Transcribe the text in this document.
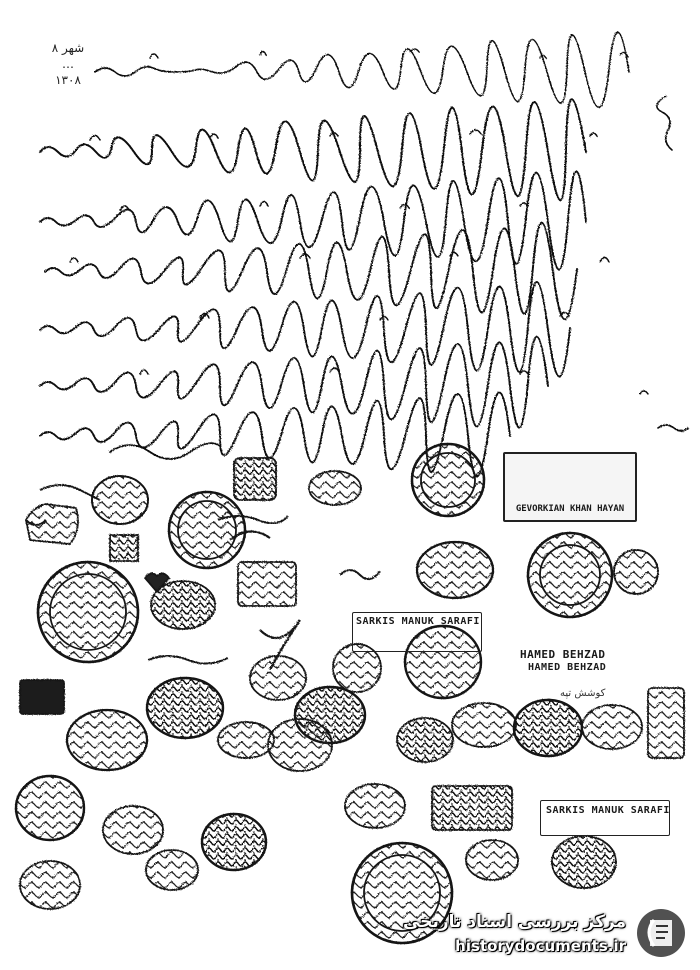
۸ شهر …
۱۳۰۸
GEVORKIAN KHAN HAYAN
SARKIS MANUK SARAFI
HAMED BEHZAD
HAMED BEHZAD
کوشش تپه
SARKIS MANUK SARAFI
مرکز بررسی اسناد تاریخی
historydocuments.ir
